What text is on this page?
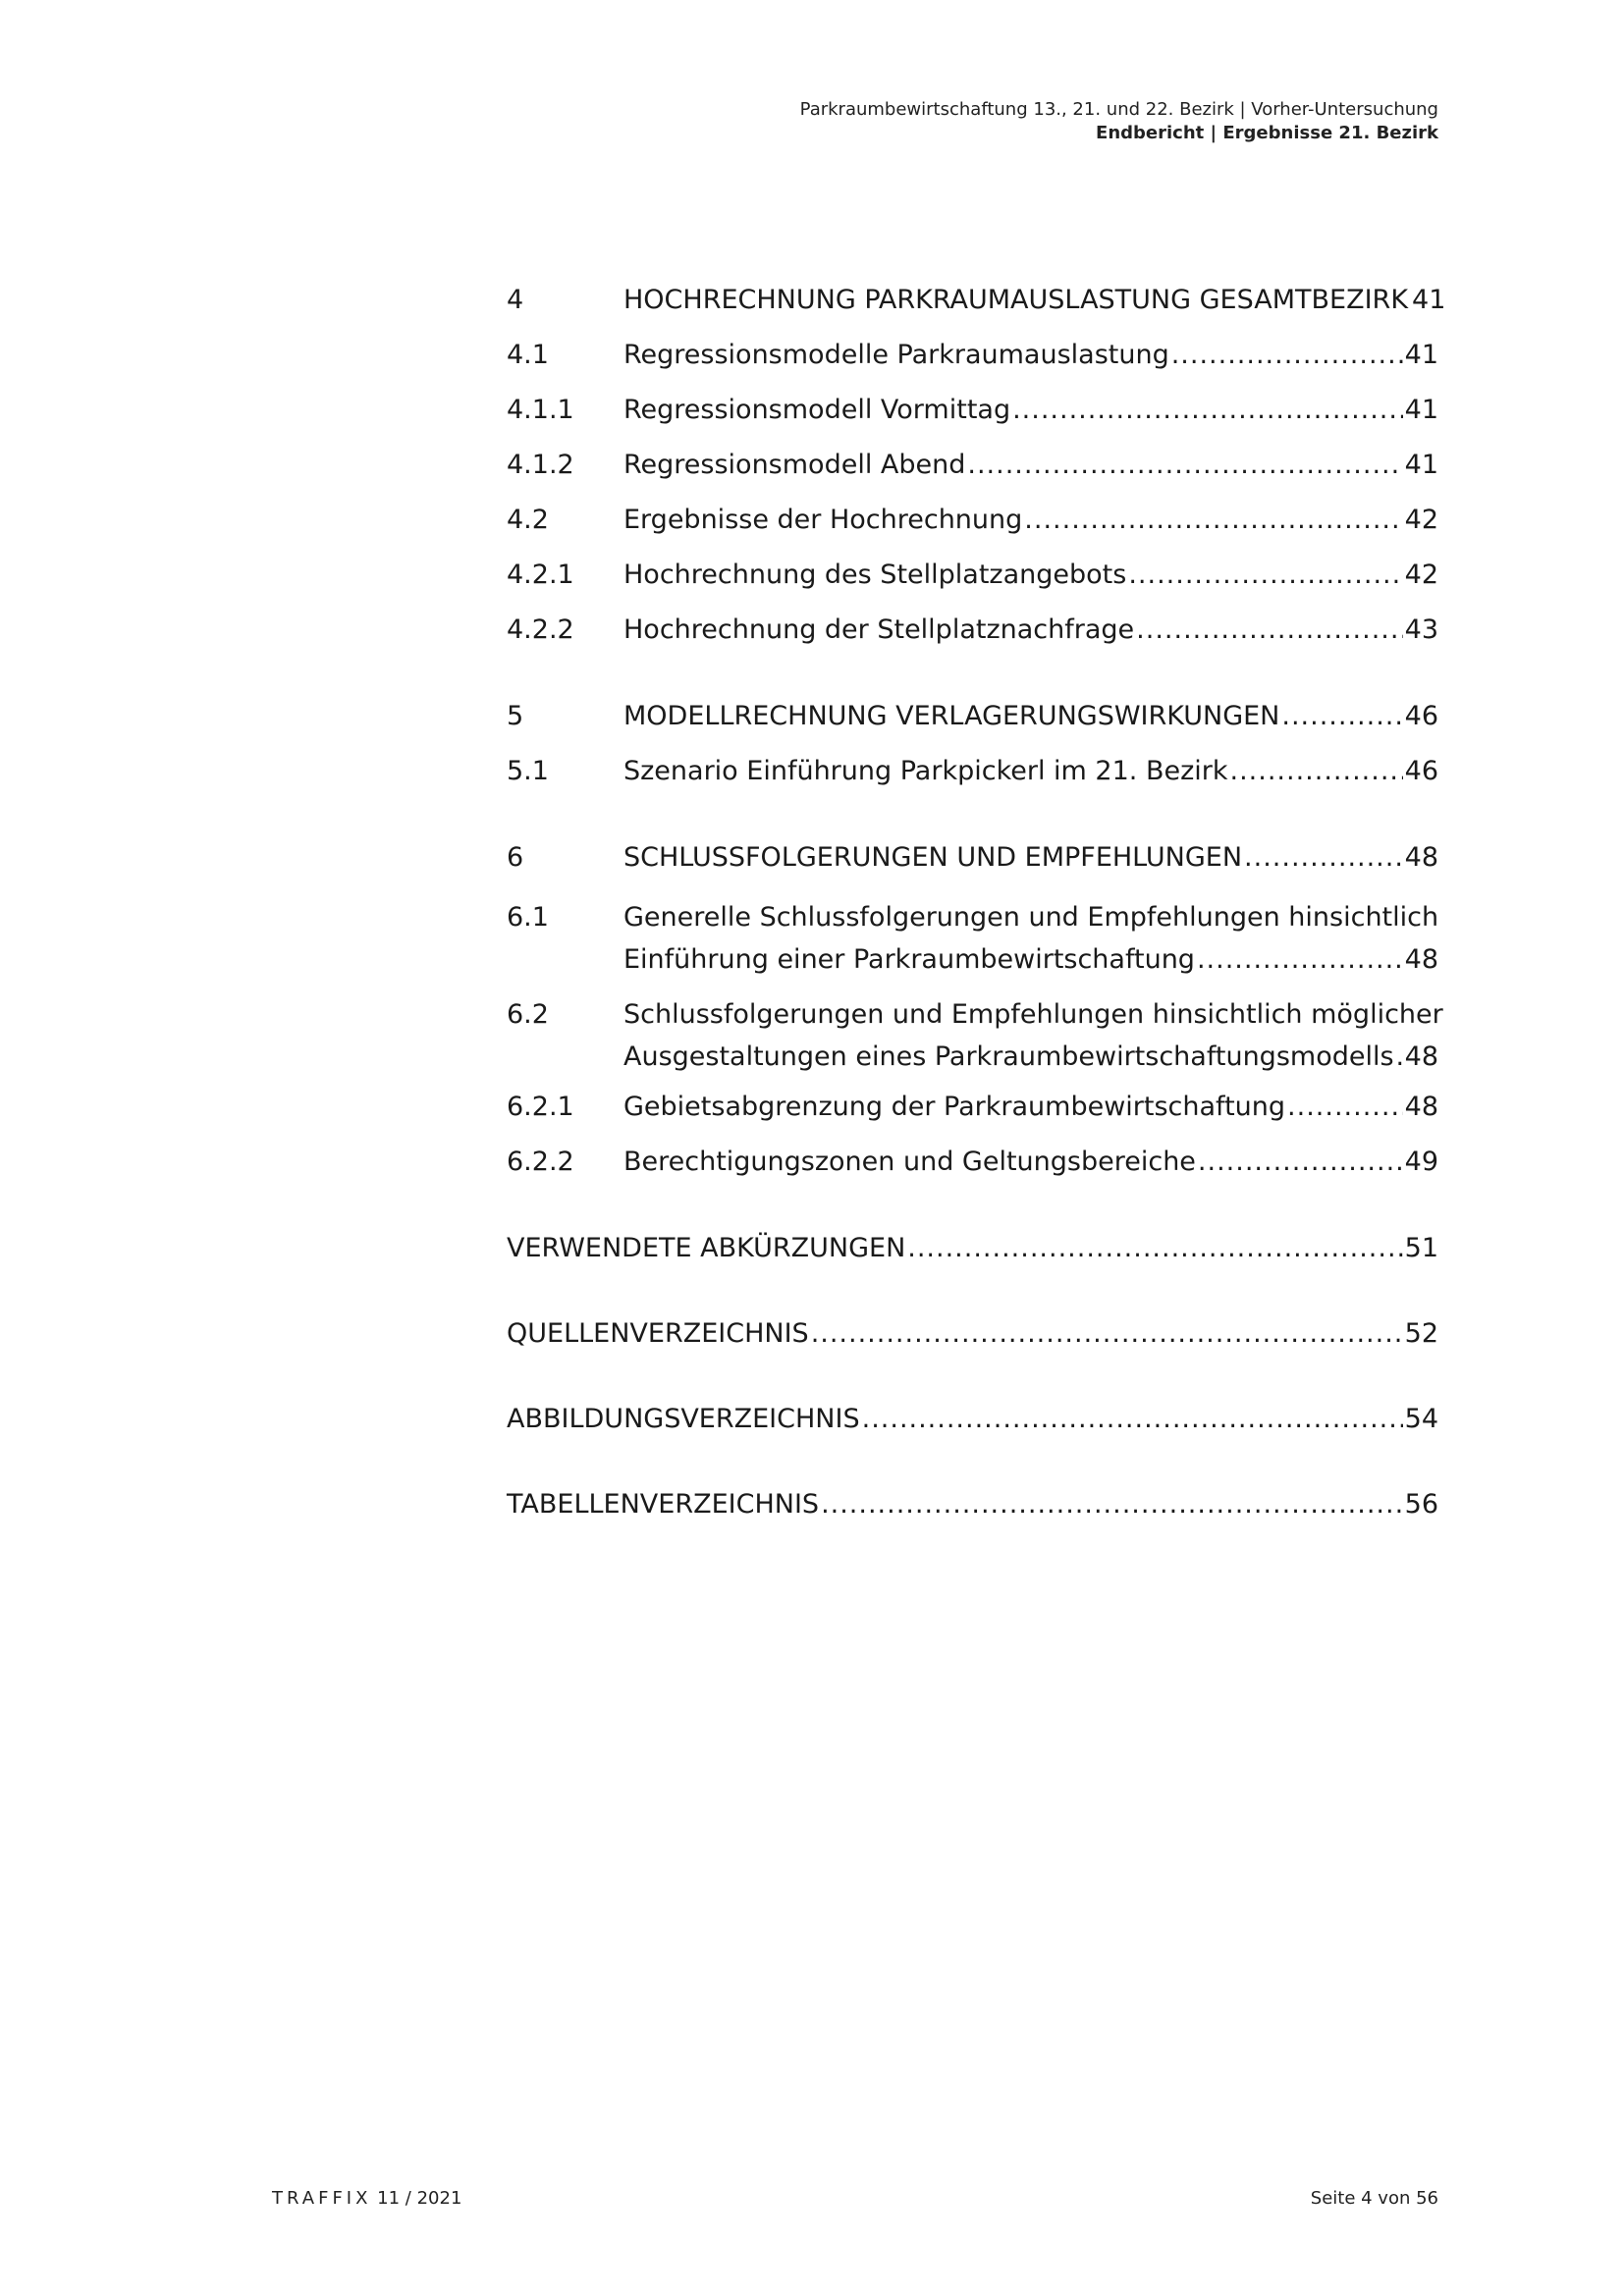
Parkraumbewirtschaftung 13., 21. und 22. Bezirk | Vorher-Untersuchung
Endbericht | Ergebnisse 21. Bezirk
4	HOCHRECHNUNG PARKRAUMAUSLASTUNG GESAMTBEZIRK 41
4.1	Regressionsmodelle Parkraumauslastung .....	41
4.1.1	Regressionsmodell Vormittag .....	41
4.1.2	Regressionsmodell Abend .....	41
4.2	Ergebnisse der Hochrechnung .....	42
4.2.1	Hochrechnung des Stellplatzangebots .....	42
4.2.2	Hochrechnung der Stellplatznachfrage .....	43
5	MODELLRECHNUNG VERLAGERUNGSWIRKUNGEN .....	46
5.1	Szenario Einführung Parkpickerl im 21. Bezirk .....	46
6	SCHLUSSFOLGERUNGEN UND EMPFEHLUNGEN .....	48
6.1	Generelle Schlussfolgerungen und Empfehlungen hinsichtlich
Einführung einer Parkraumbewirtschaftung .....	48
6.2	Schlussfolgerungen und Empfehlungen hinsichtlich möglicher
Ausgestaltungen eines Parkraumbewirtschaftungsmodells ..... 48
6.2.1	Gebietsabgrenzung der Parkraumbewirtschaftung .....	48
6.2.2	Berechtigungszonen und Geltungsbereiche .....	49
VERWENDETE ABKÜRZUNGEN .....	51
QUELLENVERZEICHNIS .....	52
ABBILDUNGSVERZEICHNIS .....	54
TABELLENVERZEICHNIS .....	56
TRAFFIX 11 / 2021	Seite 4 von 56
